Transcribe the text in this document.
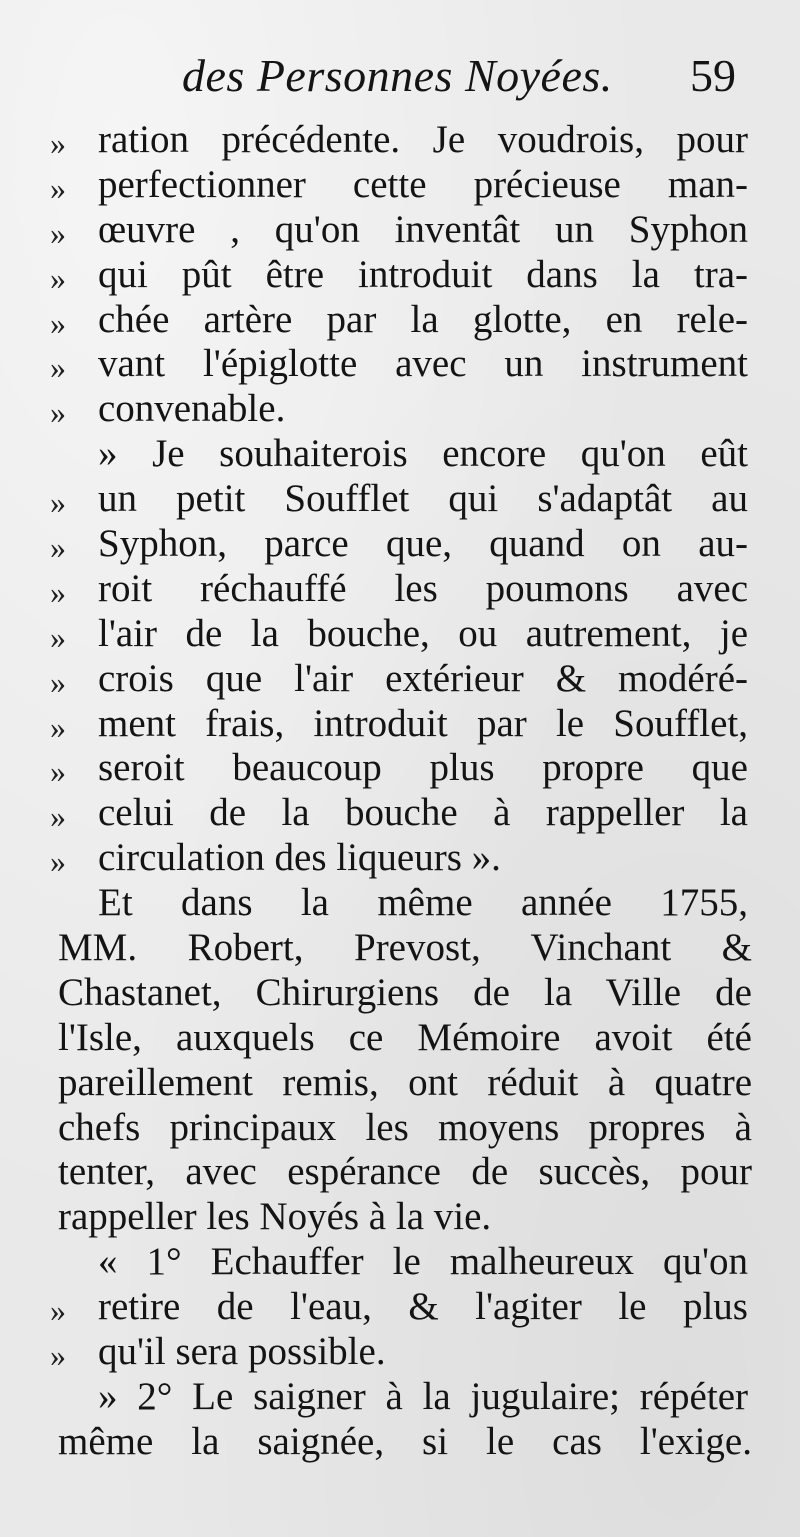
des Personnes Noyées. 59
» ration précédente. Je voudrois, pour
» perfectionner cette précieuse man-
» œuvre , qu'on inventât un Syphon
» qui pût être introduit dans la tra-
» chée artère par la glotte, en rele-
» vant l'épiglotte avec un instrument
» convenable.
» Je souhaiterois encore qu'on eût
» un petit Soufflet qui s'adaptât au
» Syphon, parce que, quand on au-
» roit réchauffé les poumons avec
» l'air de la bouche, ou autrement, je
» crois que l'air extérieur & modéré-
» ment frais, introduit par le Soufflet,
» seroit beaucoup plus propre que
» celui de la bouche à rappeller la
» circulation des liqueurs ».
Et dans la même année 1755,
MM. Robert, Prevost, Vinchant &
Chastanet, Chirurgiens de la Ville de
l'Isle, auxquels ce Mémoire avoit été
pareillement remis, ont réduit à quatre
chefs principaux les moyens propres à
tenter, avec espérance de succès, pour
rappeller les Noyés à la vie.
« 1° Echauffer le malheureux qu'on
» retire de l'eau, & l'agiter le plus
» qu'il sera possible.
» 2° Le saigner à la jugulaire; répéter
même la saignée, si le cas l'exige.
